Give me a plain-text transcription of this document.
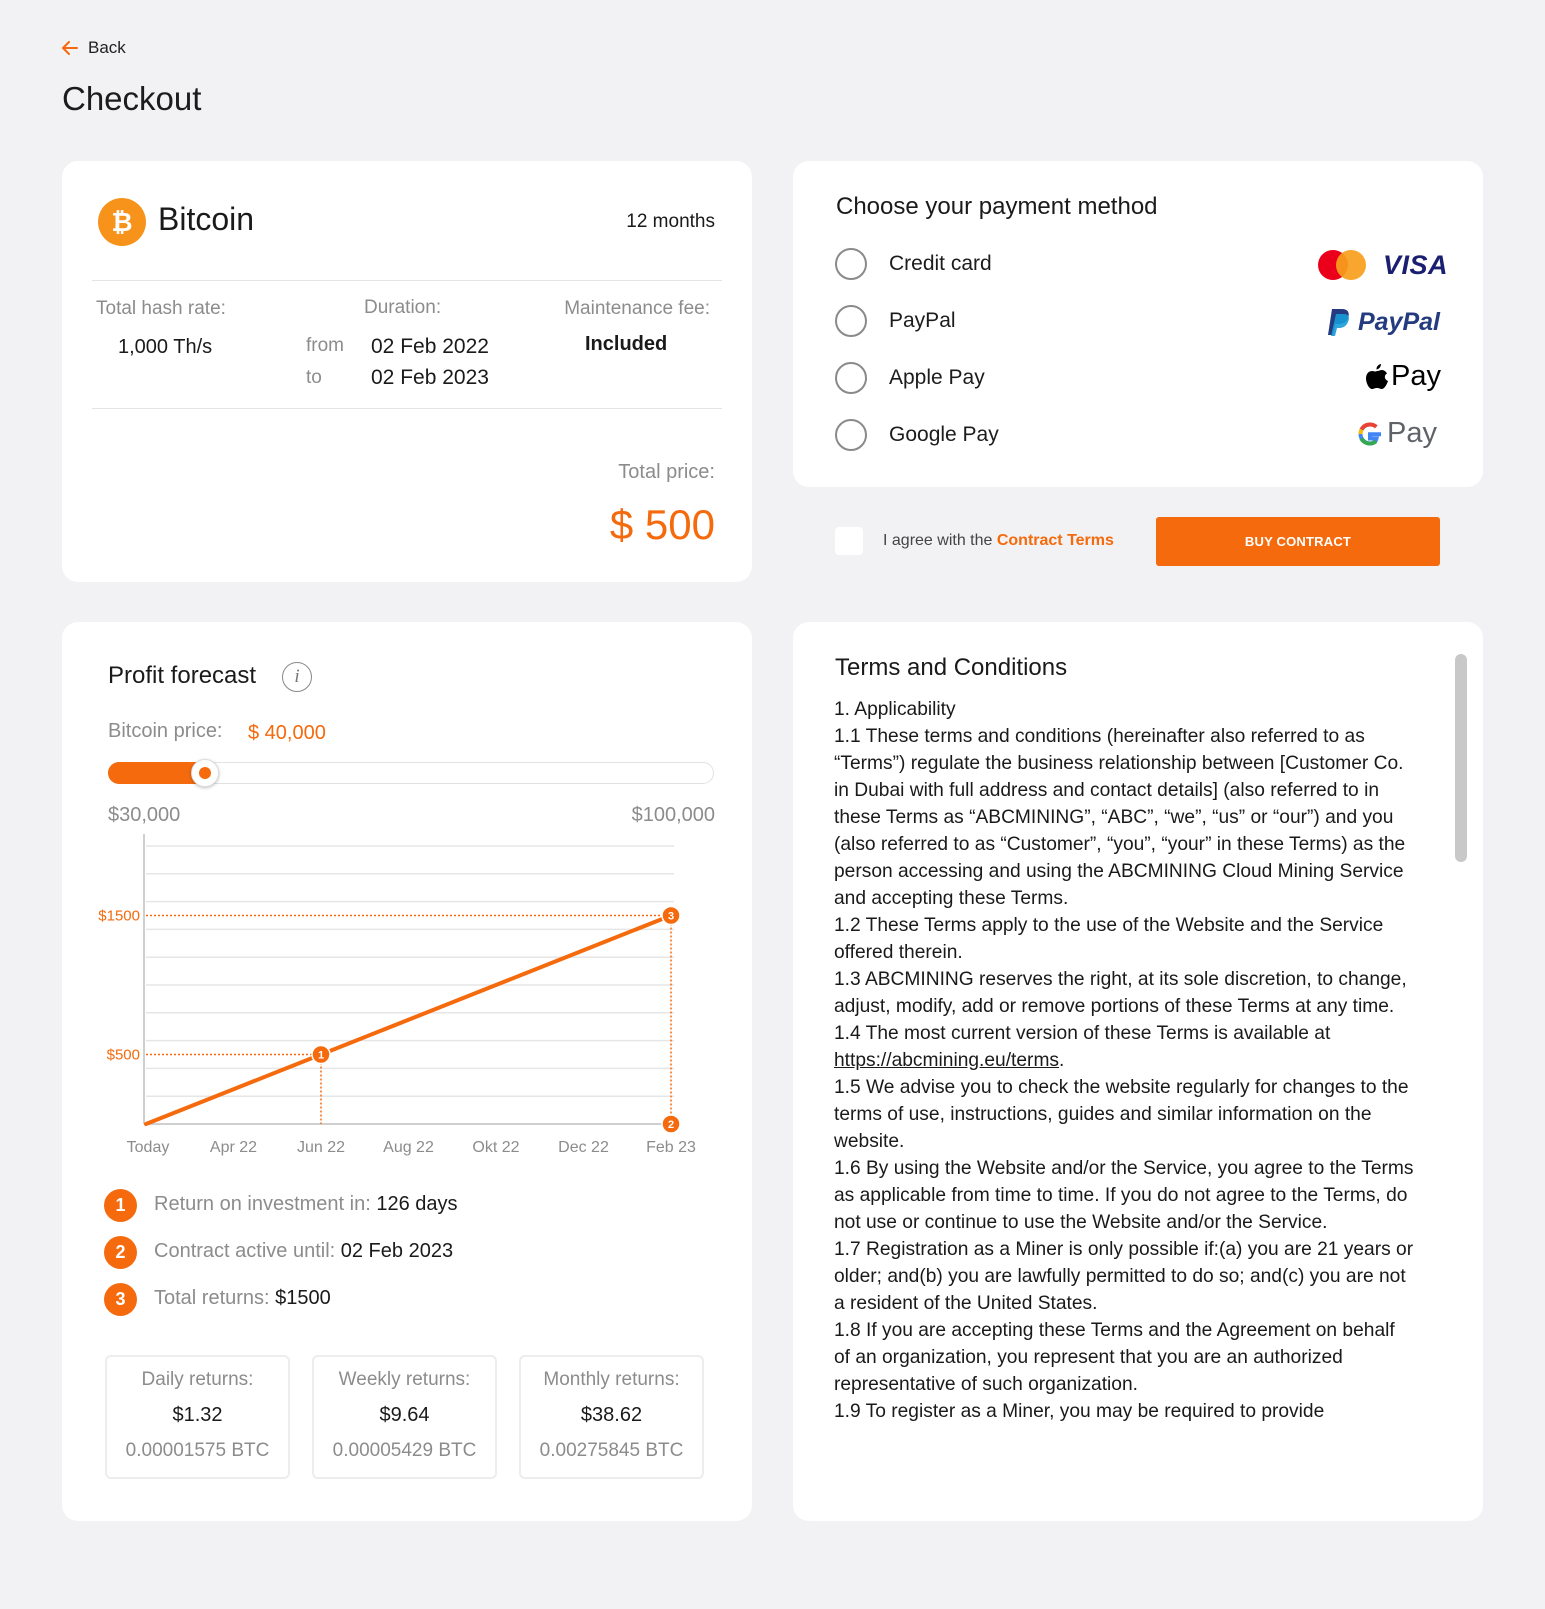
Back
Checkout
₿ Bitcoin	12 months
Total hash rate:
1,000 Th/s
Duration:
from 02 Feb 2022
to 02 Feb 2023
Maintenance fee:
Included
Total price:
$ 500
Choose your payment method
Credit card	VISA
PayPal	PayPal
Apple Pay	Pay
Google Pay	Pay
I agree with the Contract Terms	BUY CONTRACT
Profit forecast	i
Bitcoin price: $ 40,000
$30,000	$100,000
Today	Apr 22 Jun 22 Aug 22 Okt 22 Dec 22 Feb 23
$1500
$500	1
2
3
1	Return on investment in: 126 days
2	Contract active until: 02 Feb 2023
3	Total returns: $1500
Daily returns:
$1.32
0.00001575 BTC
Weekly returns:
$9.64
0.00005429 BTC
Monthly returns:
$38.62
0.00275845 BTC
Terms and Conditions

1. Applicability

1.1 These terms and conditions (hereinafter also referred to as “Terms”) regulate the business relationship between [Customer Co. in Dubai with full address and contact details] (also referred to in these Terms as “ABCMINING”, “ABC”, “we”, “us” or “our”) and you (also referred to as “Customer”, “you”, “your” in these Terms) as the person accessing and using the ABCMINING Cloud Mining Service and accepting these Terms.

1.2 These Terms apply to the use of the Website and the Service offered therein.

1.3 ABCMINING reserves the right, at its sole discretion, to change, adjust, modify, add or remove portions of these Terms at any time.

1.4 The most current version of these Terms is available at https://abcmining.eu/terms.

1.5 We advise you to check the website regularly for changes to the terms of use, instructions, guides and similar information on the website.

1.6 By using the Website and/or the Service, you agree to the Terms as applicable from time to time. If you do not agree to the Terms, do not use or continue to use the Website and/or the Service.

1.7 Registration as a Miner is only possible if:(a) you are 21 years or older; and(b) you are lawfully permitted to do so; and(c) you are not a resident of the United States.

1.8 If you are accepting these Terms and the Agreement on behalf of an organization, you represent that you are an authorized representative of such organization.

1.9 To register as a Miner, you may be required to provide
